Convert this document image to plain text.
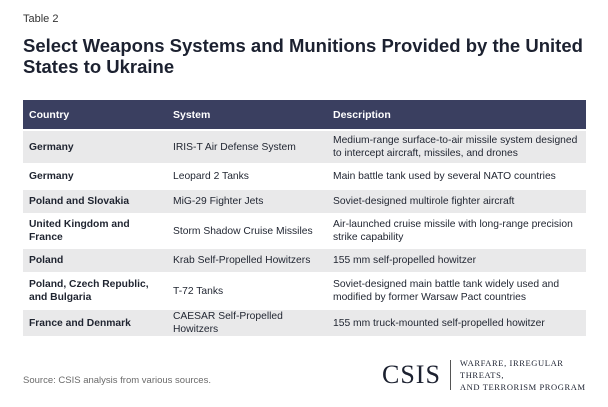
Table 2
Select Weapons Systems and Munitions Provided by the United States to Ukraine
Country	System	Description
Germany	IRIS-T Air Defense System	Medium-range surface-to-air missile system designed to intercept aircraft, missiles, and drones
Germany	Leopard 2 Tanks	Main battle tank used by several NATO countries
Poland and Slovakia	MiG-29 Fighter Jets	Soviet-designed multirole fighter aircraft
United Kingdom and France	Storm Shadow Cruise Missiles	Air-launched cruise missile with long-range precision strike capability
Poland	Krab Self-Propelled Howitzers	155 mm self-propelled howitzer
Poland, Czech Republic, and Bulgaria	T-72 Tanks	Soviet-designed main battle tank widely used and modified by former Warsaw Pact countries
France and Denmark	CAESAR Self-Propelled Howitzers	155 mm truck-mounted self-propelled howitzer
Source: CSIS analysis from various sources.	CSIS WARFARE, IRREGULAR THREATS,
AND TERRORISM PROGRAM
